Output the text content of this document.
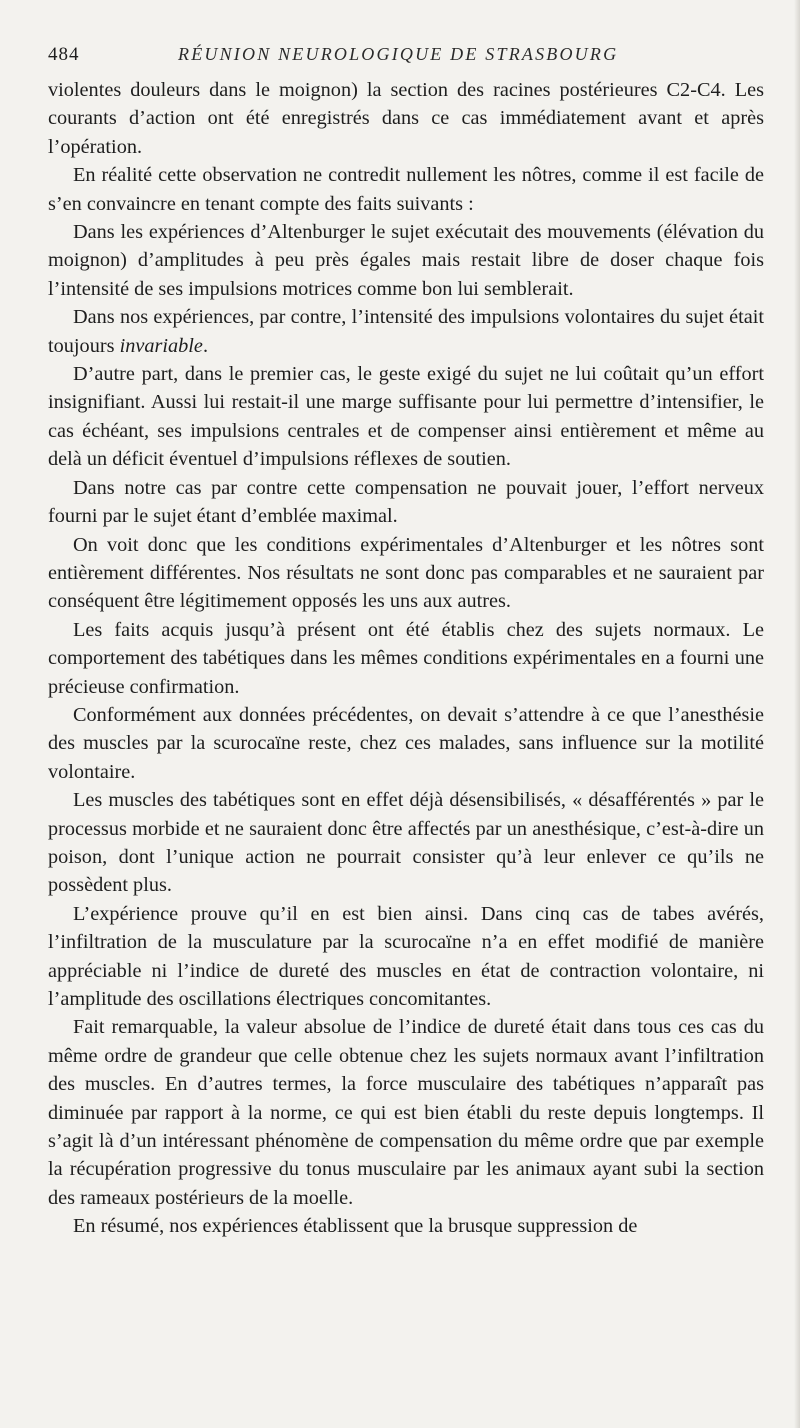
484	RÉUNION NEUROLOGIQUE DE STRASBOURG

violentes douleurs dans le moignon) la section des racines postérieures C2-C4. Les courants d’action ont été enregistrés dans ce cas immédiatement avant et après l’opération.

En réalité cette observation ne contredit nullement les nôtres, comme il est facile de s’en convaincre en tenant compte des faits suivants :

Dans les expériences d’Altenburger le sujet exécutait des mouvements (élévation du moignon) d’amplitudes à peu près égales mais restait libre de doser chaque fois l’intensité de ses impulsions motrices comme bon lui semblerait.

Dans nos expériences, par contre, l’intensité des impulsions volontaires du sujet était toujours invariable.

D’autre part, dans le premier cas, le geste exigé du sujet ne lui coûtait qu’un effort insignifiant. Aussi lui restait-il une marge suffisante pour lui permettre d’intensifier, le cas échéant, ses impulsions centrales et de compenser ainsi entièrement et même au delà un déficit éventuel d’impulsions réflexes de soutien.

Dans notre cas par contre cette compensation ne pouvait jouer, l’effort nerveux fourni par le sujet étant d’emblée maximal.

On voit donc que les conditions expérimentales d’Altenburger et les nôtres sont entièrement différentes. Nos résultats ne sont donc pas comparables et ne sauraient par conséquent être légitimement opposés les uns aux autres.

Les faits acquis jusqu’à présent ont été établis chez des sujets normaux. Le comportement des tabétiques dans les mêmes conditions expérimentales en a fourni une précieuse confirmation.

Conformément aux données précédentes, on devait s’attendre à ce que l’anesthésie des muscles par la scurocaïne reste, chez ces malades, sans influence sur la motilité volontaire.

Les muscles des tabétiques sont en effet déjà désensibilisés, « désafférentés » par le processus morbide et ne sauraient donc être affectés par un anesthésique, c’est-à-dire un poison, dont l’unique action ne pourrait consister qu’à leur enlever ce qu’ils ne possèdent plus.

L’expérience prouve qu’il en est bien ainsi. Dans cinq cas de tabes avérés, l’infiltration de la musculature par la scurocaïne n’a en effet modifié de manière appréciable ni l’indice de dureté des muscles en état de contraction volontaire, ni l’amplitude des oscillations électriques concomitantes.

Fait remarquable, la valeur absolue de l’indice de dureté était dans tous ces cas du même ordre de grandeur que celle obtenue chez les sujets normaux avant l’infiltration des muscles. En d’autres termes, la force musculaire des tabétiques n’apparaît pas diminuée par rapport à la norme, ce qui est bien établi du reste depuis longtemps. Il s’agit là d’un intéressant phénomène de compensation du même ordre que par exemple la récupération progressive du tonus musculaire par les animaux ayant subi la section des rameaux postérieurs de la moelle.

En résumé, nos expériences établissent que la brusque suppression de
